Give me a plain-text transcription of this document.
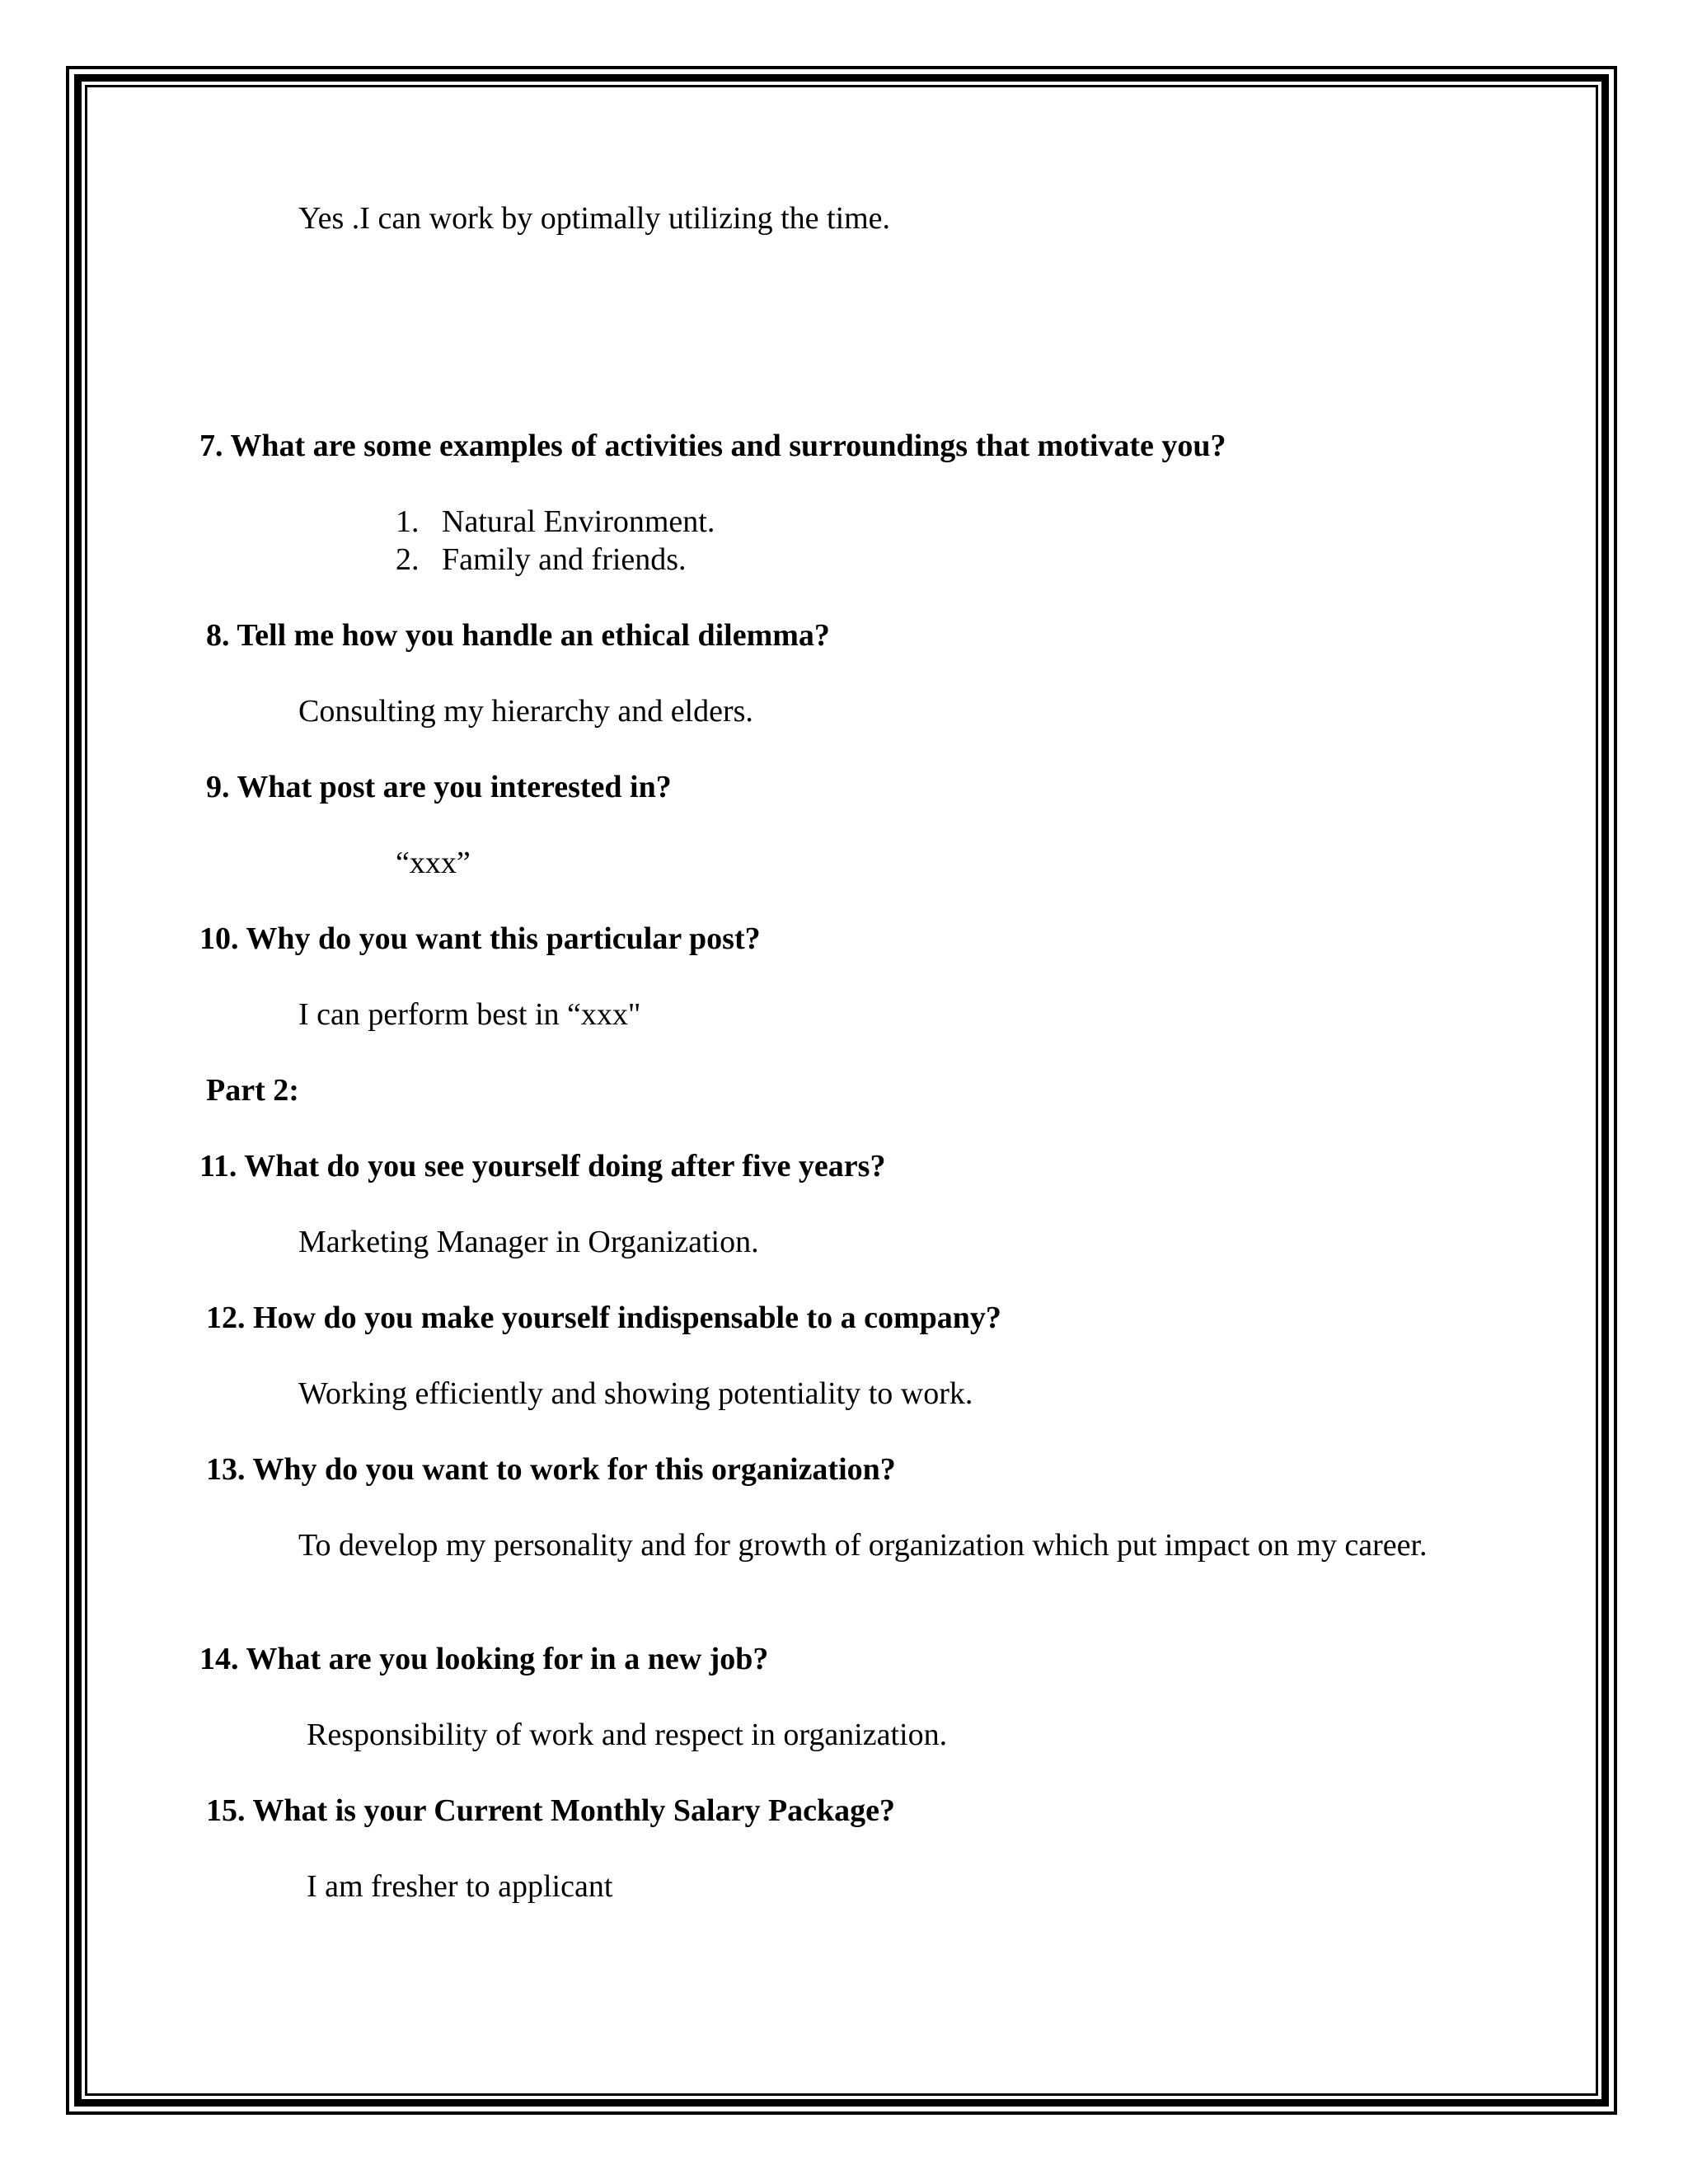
Yes .I can work by optimally utilizing the time.
7. What are some examples of activities and surroundings that motivate you?
1. Natural Environment.
2. Family and friends.
8. Tell me how you handle an ethical dilemma?
Consulting my hierarchy and elders.
9. What post are you interested in?
“xxx”
10. Why do you want this particular post?
I can perform best in “xxx"
Part 2:
11. What do you see yourself doing after five years?
Marketing Manager in Organization.
12. How do you make yourself indispensable to a company?
Working efficiently and showing potentiality to work.
13. Why do you want to work for this organization?
To develop my personality and for growth of organization which put impact on my career.
14. What are you looking for in a new job?
Responsibility of work and respect in organization.
15. What is your Current Monthly Salary Package?
I am fresher to applicant
